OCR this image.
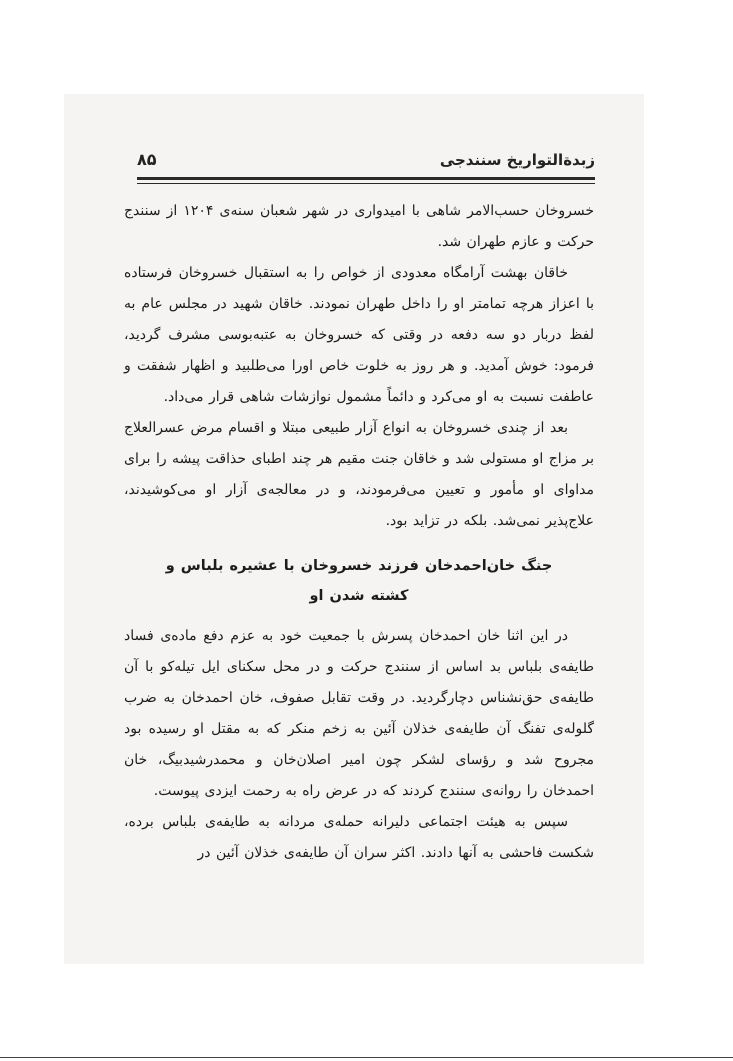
زبدةالتواریخ سنندجی
۸۵

خسروخان حسب‌الامر شاهی با امیدواری در شهر شعبان سنه‌ی ۱۲۰۴ از سنندج حرکت و عازم طهران شد.

خاقان بهشت آرامگاه معدودی از خواص را به استقبال خسروخان فرستاده با اعزاز هرچه تمامتر او را داخل طهران نمودند. خاقان شهید در مجلس عام به لفظ دربار دو سه دفعه در وقتی که خسروخان به عتبه‌بوسی مشرف گردید، فرمود: خوش آمدید. و هر روز به خلوت خاص اورا می‌طلبید و اظهار شفقت و عاطفت نسبت به او می‌کرد و دائماً مشمول نوازشات شاهی قرار می‌داد.

بعد از چندی خسروخان به انواع آزار طبیعی مبتلا و اقسام مرض عسرالعلاج بر مزاج او مستولی شد و خاقان جنت مقیم هر چند اطبای حذاقت پیشه را برای مداوای او مأمور و تعیین می‌فرمودند، و در معالجه‌ی آزار او می‌کوشیدند، علاج‌پذیر نمی‌شد. بلکه در تزاید بود.

جنگ خان‌احمدخان فرزند خسروخان با عشیره بلباس و
کشته شدن او

در این اثنا خان احمدخان پسرش با جمعیت خود به عزم دفع ماده‌ی فساد طایفه‌ی بلباس بد اساس از سنندج حرکت و در محل سکنای ایل تیله‌کو با آن طایفه‌ی حق‌نشناس دچارگردید. در وقت تقابل صفوف، خان احمدخان به ضرب گلوله‌ی تفنگ آن طایفه‌ی خذلان آئین به زخم منکر که به مقتل او رسیده بود مجروح شد و رؤسای لشکر چون امیر اصلان‌خان و محمدرشیدبیگ، خان احمدخان را روانه‌ی سنندج کردند که در عرض راه به رحمت ایزدی پیوست.

سپس به هیئت اجتماعی دلیرانه حمله‌ی مردانه به طایفه‌ی بلباس برده، شکست فاحشی به آنها دادند. اکثر سران آن طایفه‌ی خذلان آئین در
